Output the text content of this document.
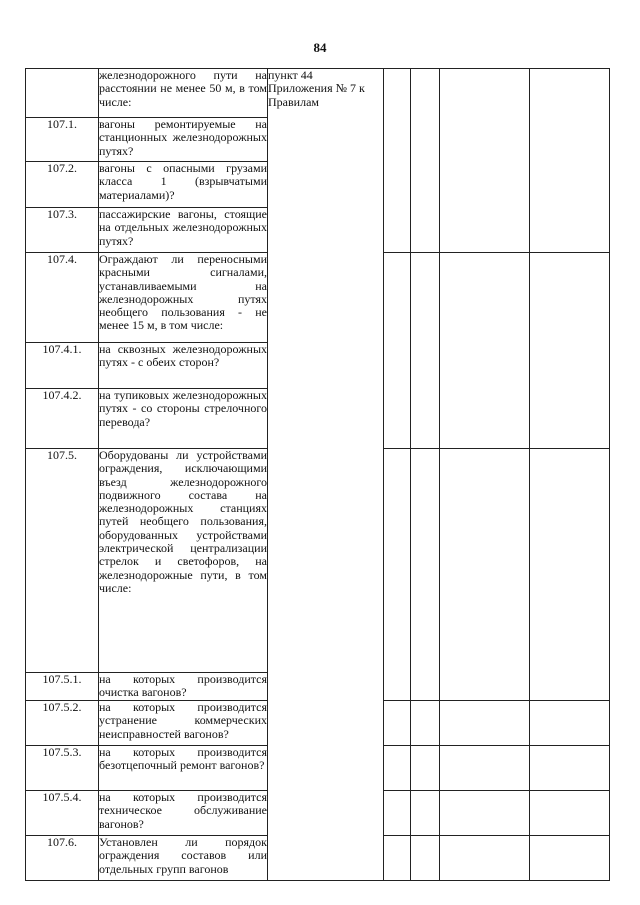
84
	железнодорожного пути на расстоянии не менее 50 м, в том числе:	пункт 44
Приложения № 7 к
Правилам				

107.1.	вагоны ремонтируемые на станционных железнодорожных путях?					
107.2.	вагоны с опасными грузами класса 1 (взрывчатыми материалами)?					
107.3.	пассажирские вагоны, стоящие на отдельных железнодорожных путях?					
107.4.	Ограждают ли переносными красными сигналами, устанавливаемыми на железнодорожных путях необщего пользования - не менее 15 м, в том числе:					
107.4.1.	на сквозных железнодорожных путях - с обеих сторон?					
107.4.2.	на тупиковых железнодорожных путях - со стороны стрелочного перевода?					
107.5.	Оборудованы ли устройствами ограждения, исключающими въезд железнодорожного подвижного состава на железнодорожных станциях путей необщего пользования, оборудованных устройствами электрической централизации стрелок и светофоров, на железнодорожные пути, в том числе:					
107.5.1.	на которых производится очистка вагонов?					
107.5.2.	на которых производится устранение коммерческих неисправностей вагонов?					
107.5.3.	на которых производится безотцепочный ремонт вагонов?					
107.5.4.	на которых производится техническое обслуживание вагонов?					
107.6.	Установлен ли порядок ограждения составов или отдельных групп вагонов					
